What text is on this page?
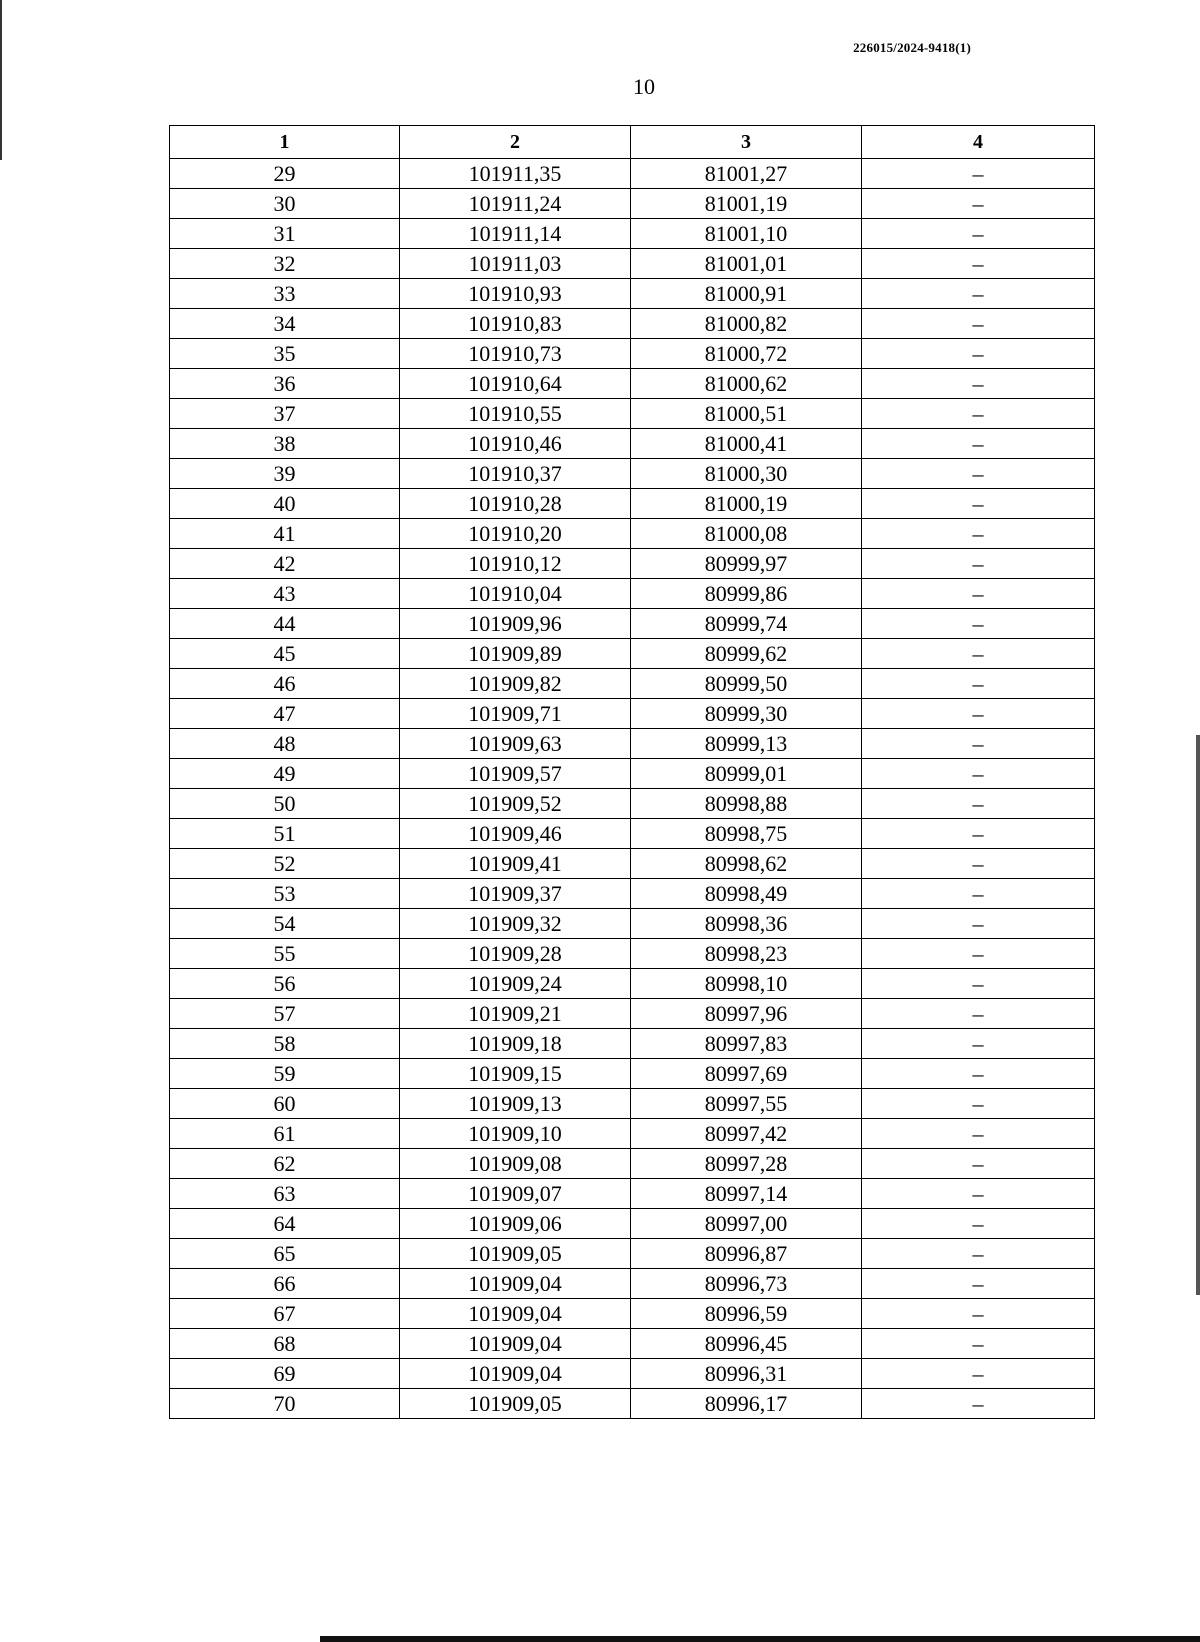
226015/2024-9418(1)
10
1	2	3	4
29	101911,35	81001,27	–
30	101911,24	81001,19	–
31	101911,14	81001,10	–
32	101911,03	81001,01	–
33	101910,93	81000,91	–
34	101910,83	81000,82	–
35	101910,73	81000,72	–
36	101910,64	81000,62	–
37	101910,55	81000,51	–
38	101910,46	81000,41	–
39	101910,37	81000,30	–
40	101910,28	81000,19	–
41	101910,20	81000,08	–
42	101910,12	80999,97	–
43	101910,04	80999,86	–
44	101909,96	80999,74	–
45	101909,89	80999,62	–
46	101909,82	80999,50	–
47	101909,71	80999,30	–
48	101909,63	80999,13	–
49	101909,57	80999,01	–
50	101909,52	80998,88	–
51	101909,46	80998,75	–
52	101909,41	80998,62	–
53	101909,37	80998,49	–
54	101909,32	80998,36	–
55	101909,28	80998,23	–
56	101909,24	80998,10	–
57	101909,21	80997,96	–
58	101909,18	80997,83	–
59	101909,15	80997,69	–
60	101909,13	80997,55	–
61	101909,10	80997,42	–
62	101909,08	80997,28	–
63	101909,07	80997,14	–
64	101909,06	80997,00	–
65	101909,05	80996,87	–
66	101909,04	80996,73	–
67	101909,04	80996,59	–
68	101909,04	80996,45	–
69	101909,04	80996,31	–
70	101909,05	80996,17	–
